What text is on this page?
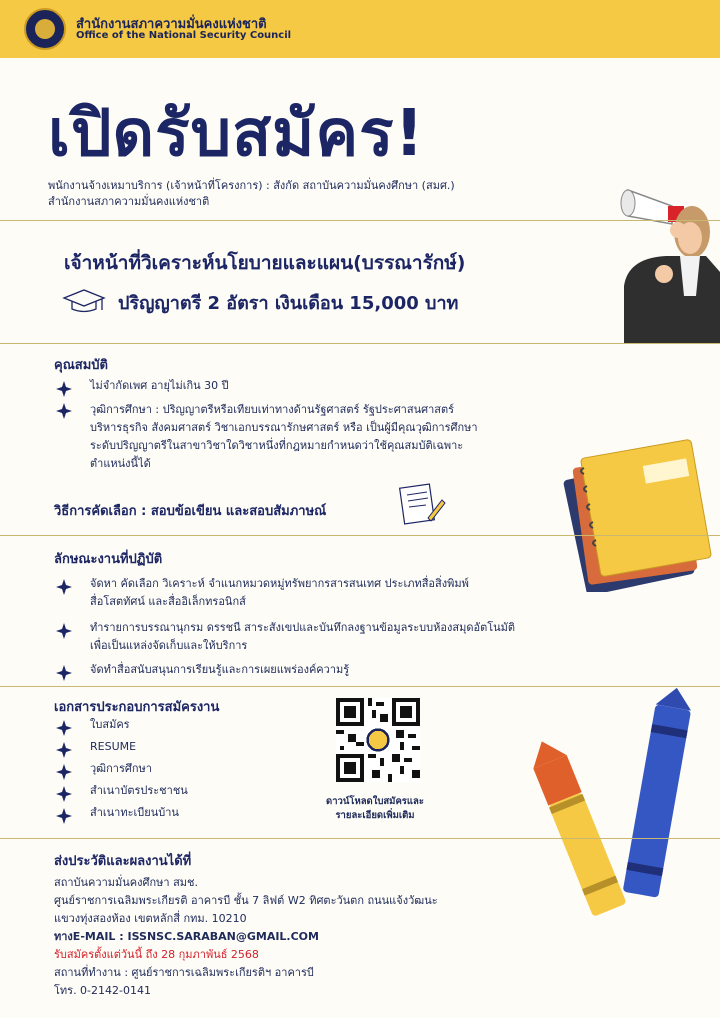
สำนักงานสภาความมั่นคงแห่งชาติ
Office of the National Security Council
เปิดรับสมัคร!
พนักงานจ้างเหมาบริการ (เจ้าหน้าที่โครงการ) : สังกัด สถาบันความมั่นคงศึกษา (สมศ.)
สำนักงานสภาความมั่นคงแห่งชาติ
เจ้าหน้าที่วิเคราะห์นโยบายและแผน(บรรณารักษ์)
ปริญญาตรี 2 อัตรา เงินเดือน 15,000 บาท
คุณสมบัติ
ไม่จำกัดเพศ อายุไม่เกิน 30 ปี
วุฒิการศึกษา : ปริญญาตรีหรือเทียบเท่าทางด้านรัฐศาสตร์ รัฐประศาสนศาสตร์
บริหารธุรกิจ สังคมศาสตร์ วิชาเอกบรรณารักษศาสตร์ หรือ เป็นผู้มีคุณวุฒิการศึกษา
ระดับปริญญาตรีในสาขาวิชาใดวิชาหนึ่งที่กฎหมายกำหนดว่าใช้คุณสมบัติเฉพาะ
ตำแหน่งนี้ได้
วิธีการคัดเลือก : สอบข้อเขียน และสอบสัมภาษณ์
ลักษณะงานที่ปฏิบัติ
จัดหา คัดเลือก วิเคราะห์ จำแนกหมวดหมู่ทรัพยากรสารสนเทศ ประเภทสื่อสิ่งพิมพ์
สื่อโสตทัศน์ และสื่ออิเล็กทรอนิกส์
ทำรายการบรรณานุกรม ดรรชนี สาระสังเขปและบันทึกลงฐานข้อมูลระบบห้องสมุดอัตโนมัติ
เพื่อเป็นแหล่งจัดเก็บและให้บริการ
จัดทำสื่อสนับสนุนการเรียนรู้และการเผยแพร่องค์ความรู้
เอกสารประกอบการสมัครงาน
ใบสมัคร
RESUME
วุฒิการศึกษา
สำเนาบัตรประชาชน
สำเนาทะเบียนบ้าน
ดาวน์โหลดใบสมัครและ
รายละเอียดเพิ่มเติม
ส่งประวัติและผลงานได้ที่
สถาบันความมั่นคงศึกษา สมช.
ศูนย์ราชการเฉลิมพระเกียรติ อาคารบี ชั้น 7 ลิฟต์ W2 ทิศตะวันตก ถนนแจ้งวัฒนะ
แขวงทุ่งสองห้อง เขตหลักสี่ กทม. 10210
ทางE-MAIL : ISSNSC.SARABAN@GMAIL.COM
รับสมัครตั้งแต่วันนี้ ถึง 28 กุมภาพันธ์ 2568
สถานที่ทำงาน : ศูนย์ราชการเฉลิมพระเกียรติฯ อาคารบี
โทร. 0-2142-0141
